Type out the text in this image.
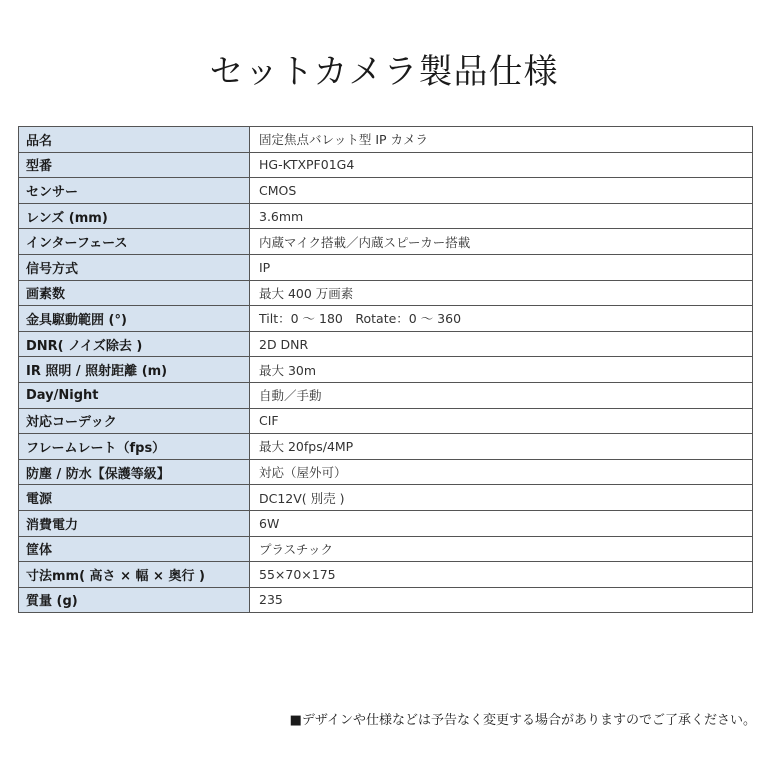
セットカメラ製品仕様
品名	固定焦点バレット型 IP カメラ
型番	HG-KTXPF01G4
センサー	CMOS
レンズ (mm)	3.6mm
インターフェース	内蔵マイク搭載／内蔵スピーカー搭載
信号方式	IP
画素数	最大 400 万画素
金具駆動範囲 (°)	Tilt：0 ～ 180　Rotate：0 ～ 360
DNR( ノイズ除去 )	2D DNR
IR 照明 / 照射距離 (m)	最大 30m
Day/Night	自動／手動
対応コーデック	CIF
フレームレート（fps）	最大 20fps/4MP
防塵 / 防水【保護等級】	対応（屋外可）
電源	DC12V( 別売 )
消費電力	6W
筐体	プラスチック
寸法mm( 高さ × 幅 × 奥行 )	55×70×175
質量 (g)	235

■デザインや仕様などは予告なく変更する場合がありますのでご了承ください。
